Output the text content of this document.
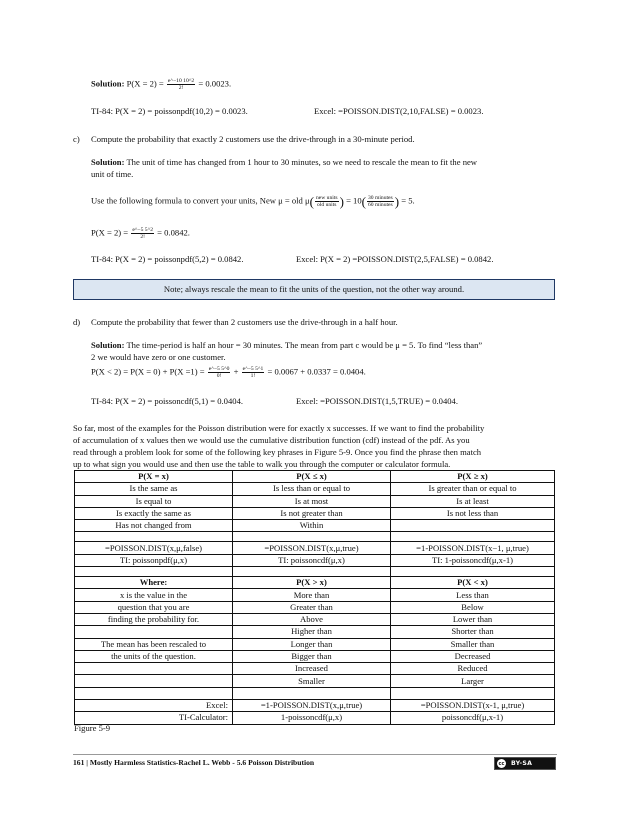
Solution: $P(X = 2) = \frac{e\^{}-10 10\^{}2}{2!} = 0.0023$.
TI-84: P(X = 2) = poissonpdf(10,2) = 0.0023.	Excel: =POISSON.DIST(2,10,FALSE) = 0.0023.
c) Compute the probability that exactly 2 customers use the drive-through in a 30-minute period.
Solution: The unit of time has changed from 1 hour to 30 minutes, so we need to rescale the mean to fit the new
unit of time.
Use the following formula to convert your units, New μ = old $\mu( \frac{\text{new units}}{\text{old units}}$ ) = $10( \frac{\text{30 minutes}}{\text{60 minutes}}$ ) = 5.
$P(X = 2) = \frac{e\^{}-5 5\^{}2}{2!} = 0.0842$.
TI-84: P(X = 2) = poissonpdf(5,2) = 0.0842.	Excel: P(X = 2) =POISSON.DIST(2,5,FALSE) = 0.0842.
Note; always rescale the mean to fit the units of the question, not the other way around.
d) Compute the probability that fewer than 2 customers use the drive-through in a half hour.
Solution: The time-period is half an hour = 30 minutes. The mean from part c would be μ = 5. To find “less than”
2 we would have zero or one customer.
$P(X < 2) = P(X = 0) + P(X =1) = \frac{e\^{}-5 5\^{}0}{0!} + \frac{e\^{}-5 5\^{}1}{1!} = 0.0067 + 0.0337 = 0.0404$.
TI-84: P(X = 2) = poissoncdf(5,1) = 0.0404.	Excel: =POISSON.DIST(1,5,TRUE) = 0.0404.
So far, most of the examples for the Poisson distribution were for exactly x successes. If we want to find the probability
of accumulation of x values then we would use the cumulative distribution function (cdf) instead of the pdf. As you
read through a problem look for some of the following key phrases in Figure 5-9. Once you find the phrase then match
up to what sign you would use and then use the table to walk you through the computer or calculator formula.
P(X = x)	P(X ≤ x)	P(X ≥ x)
Is the same as	Is less than or equal to	Is greater than or equal to
Is equal to	Is at most	Is at least
Is exactly the same as	Is not greater than	Is not less than
Has not changed from	Within	

=POISSON.DIST(x,μ,false)	=POISSON.DIST(x,μ,true)	=1-POISSON.DIST(x−1, μ,true)
TI: poissonpdf(μ,x)	TI: poissoncdf(μ,x)	TI: 1-poissoncdf(μ,x-1)

Where:	P(X > x)	P(X < x)
x is the value in the	More than	Less than
question that you are	Greater than	Below
finding the probability for.	Above	Lower than
	Higher than	Shorter than
The mean has been rescaled to	Longer than	Smaller than
the units of the question.	Bigger than	Decreased
	Increased	Reduced
	Smaller	Larger

Excel:	=1-POISSON.DIST(x,μ,true)	=POISSON.DIST(x-1, μ,true)
TI-Calculator:	1-poissoncdf(μ,x)	poissoncdf(μ,x-1)
Figure 5-9
161 | Mostly Harmless Statistics-Rachel L. Webb - 5.6 Poisson Distribution	cc BY-SA
